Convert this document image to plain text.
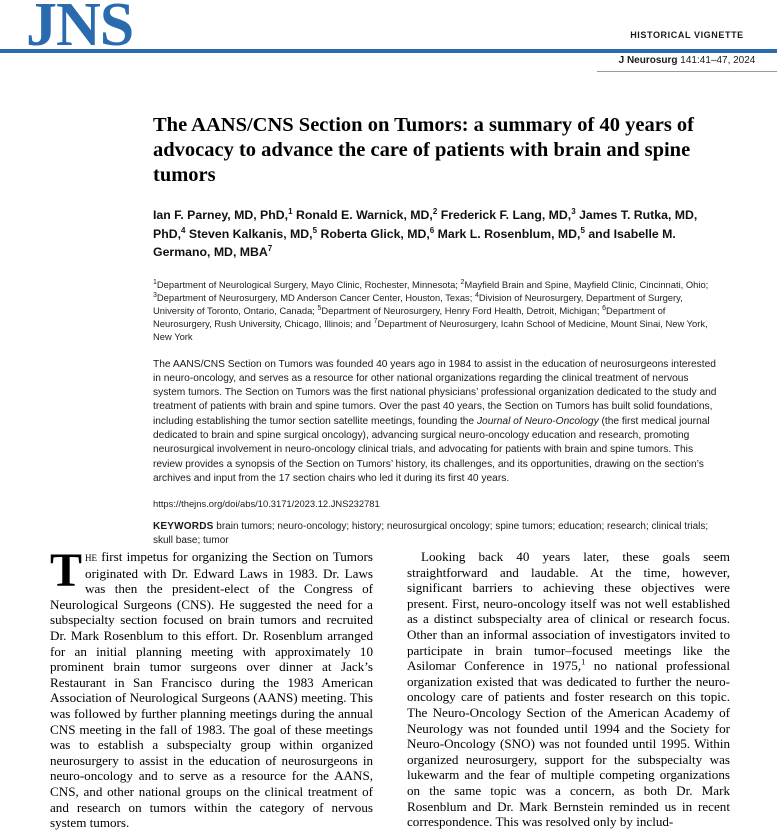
JNS	HISTORICAL VIGNETTE
J Neurosurg 141:41–47, 2024
The AANS/CNS Section on Tumors: a summary of 40 years of advocacy to advance the care of patients with brain and spine tumors
Ian F. Parney, MD, PhD,$^1$ Ronald E. Warnick, MD,$^2$ Frederick F. Lang, MD,$^3$ James T. Rutka, MD, PhD,$^4$ Steven Kalkanis, MD,$^5$ Roberta Glick, MD,$^6$ Mark L. Rosenblum, MD,$^5$ and Isabelle M. Germano, MD, MBA$^7$
$^1$Department of Neurological Surgery, Mayo Clinic, Rochester, Minnesota; $^2$Mayfield Brain and Spine, Mayfield Clinic, Cincinnati, Ohio; $^3$Department of Neurosurgery, MD Anderson Cancer Center, Houston, Texas; $^4$Division of Neurosurgery, Department of Surgery, University of Toronto, Ontario, Canada; $^5$Department of Neurosurgery, Henry Ford Health, Detroit, Michigan; $^6$Department of Neurosurgery, Rush University, Chicago, Illinois; and $^7$Department of Neurosurgery, Icahn School of Medicine, Mount Sinai, New York, New York
The AANS/CNS Section on Tumors was founded 40 years ago in 1984 to assist in the education of neurosurgeons interested in neuro-oncology, and serves as a resource for other national organizations regarding the clinical treatment of nervous system tumors. The Section on Tumors was the first national physicians’ professional organization dedicated to the study and treatment of patients with brain and spine tumors. Over the past 40 years, the Section on Tumors has built solid foundations, including establishing the tumor section satellite meetings, founding the Journal of Neuro-Oncology (the first medical journal dedicated to brain and spine surgical oncology), advancing surgical neuro-oncology education and research, promoting neurosurgical involvement in neuro-oncology clinical trials, and advocating for patients with brain and spine tumors. This review provides a synopsis of the Section on Tumors’ history, its challenges, and its opportunities, drawing on the section’s archives and input from the 17 section chairs who led it during its first 40 years.
https://thejns.org/doi/abs/10.3171/2023.12.JNS232781
KEYWORDS brain tumors; neuro-oncology; history; neurosurgical oncology; spine tumors; education; research; clinical trials; skull base; tumor

The first impetus for organizing the Section on Tumors originated with Dr. Edward Laws in 1983. Dr. Laws was then the president-elect of the Congress of Neurological Surgeons (CNS). He suggested the need for a subspecialty section focused on brain tumors and recruited Dr. Mark Rosenblum to this effort. Dr. Rosenblum arranged for an initial planning meeting with approximately 10 prominent brain tumor surgeons over dinner at Jack’s Restaurant in San Francisco during the 1983 American Association of Neurological Surgeons (AANS) meeting. This was followed by further planning meetings during the annual CNS meeting in the fall of 1983. The goal of these meetings was to establish a subspecialty group within organized neurosurgery to assist in the education of neurosurgeons in neuro-oncology and to serve as a resource for the AANS, CNS, and other national groups on the clinical treatment of and research on tumors within the category of nervous system tumors.

Looking back 40 years later, these goals seem straightforward and laudable. At the time, however, significant barriers to achieving these objectives were present. First, neuro-oncology itself was not well established as a distinct subspecialty area of clinical or research focus. Other than an informal association of investigators invited to participate in brain tumor–focused meetings like the Asilomar Conference in 1975,$^1$ no national professional organization existed that was dedicated to further the neuro-oncology care of patients and foster research on this topic. The Neuro-Oncology Section of the American Academy of Neurology was not founded until 1994 and the Society for Neuro-Oncology (SNO) was not founded until 1995. Within organized neurosurgery, support for the subspecialty was lukewarm and the fear of multiple competing organizations on the same topic was a concern, as both Dr. Mark Rosenblum and Dr. Mark Bernstein reminded us in recent correspondence. This was resolved only by includ-
